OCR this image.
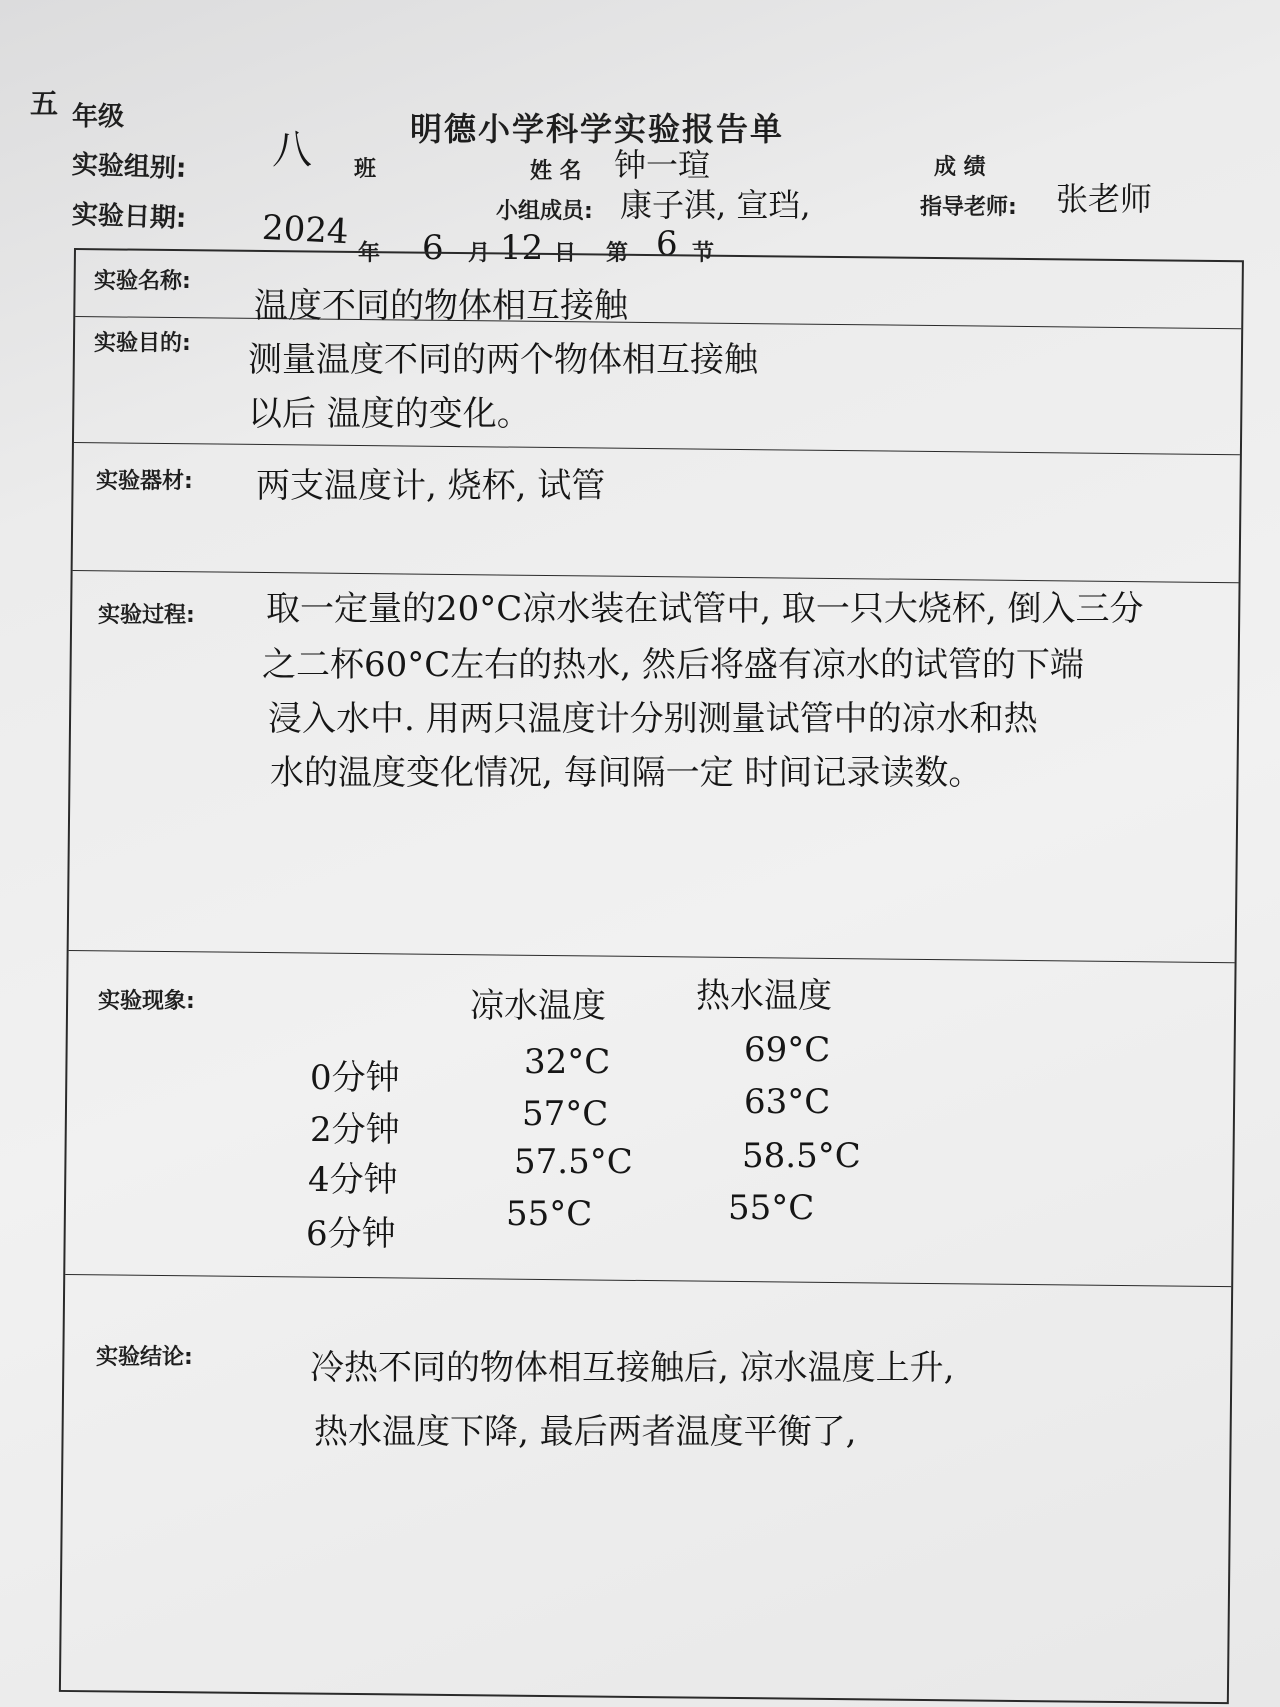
五 年级	明德小学科学实验报告单
实验组别: 八 班	姓 名 钟一瑄	成 绩
小组成员: 康子淇, 宣珰,	指导老师: 张老师
实验日期: 2024
年 6 月 12 日 第 6 节
实验名称:
温度不同的物体相互接触
实验目的: 测量温度不同的两个物体相互接触
以后 温度的变化。
实验器材: 两支温度计, 烧杯, 试管
实验过程: 取一定量的20°C凉水装在试管中, 取一只大烧杯, 倒入三分
之二杯60°C左右的热水, 然后将盛有凉水的试管的下端
浸入水中. 用两只温度计分别测量试管中的凉水和热
水的温度变化情况, 每间隔一定 时间记录读数。
实验现象:	凉水温度	热水温度
0分钟	32°C	69°C
2分钟	57°C	63°C
4分钟	57.5°C	58.5°C
6分钟	55°C	55°C
实验结论:	冷热不同的物体相互接触后, 凉水温度上升,
热水温度下降, 最后两者温度平衡了,
